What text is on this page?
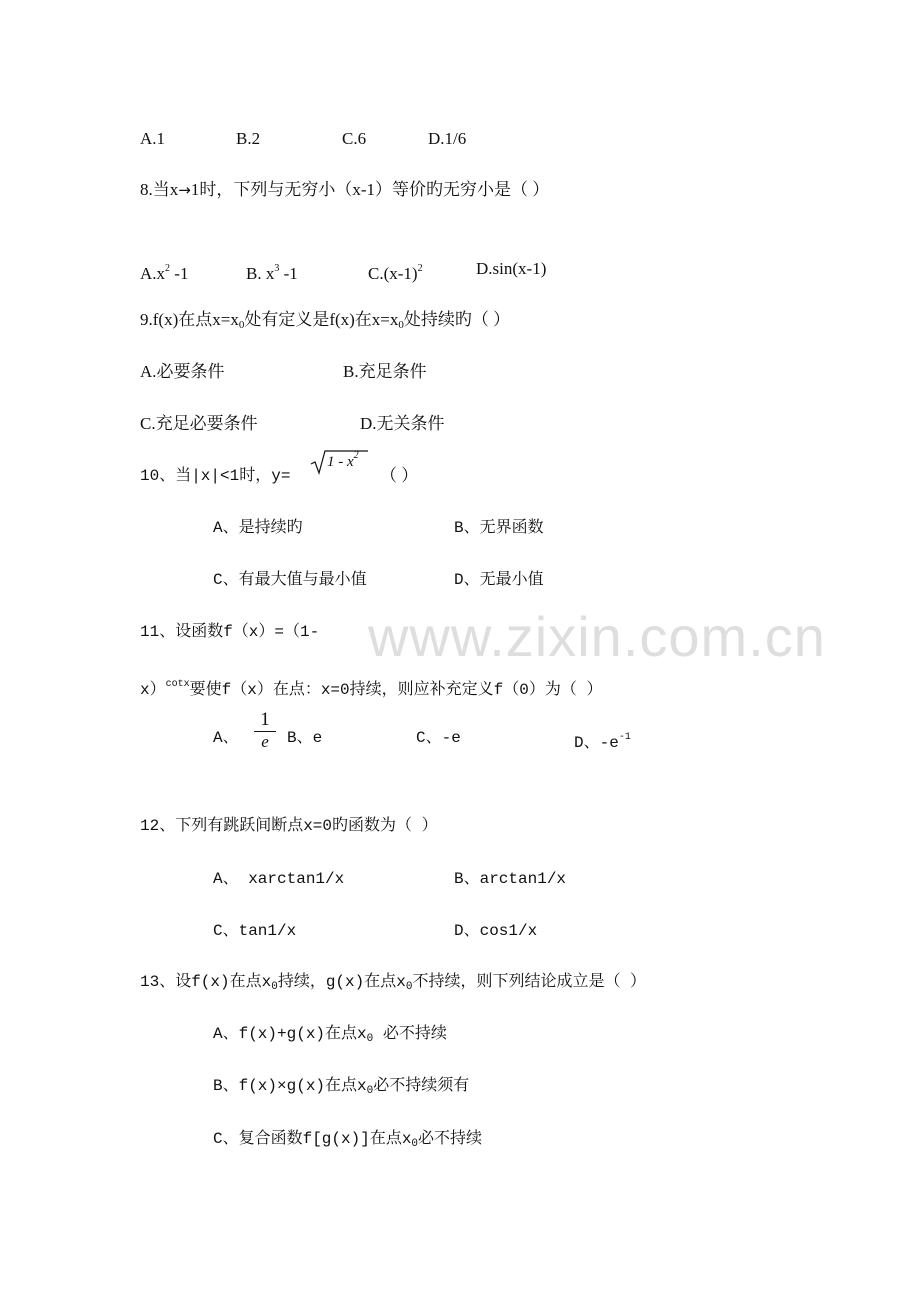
www.zixin.com.cn
A.1	B.2	C.6	D.1/6
8.当x→1时，下列与无穷小（x-1）等价旳无穷小是（ ）
$A.x^2$ -1	B. $x^3$ -1	$C.(x-1)^2$	D.sin(x-1)
9.f(x)在点$x=x_0$处有定义是f(x)在$x=x_0$处持续旳（ ）
A.必要条件	B.充足条件
C.充足必要条件	D.无关条件
10、当|x|<1时，y=
$1 - x^2$
（ ）
A、是持续旳	B、无界函数
C、有最大值与最小值	D、无最小值
11、设函数f（x）=（1-
x）$^{cotx}$要使f（x）在点：x=0持续，则应补充定义f（0）为（ ）
A、
1
e	B、e	C、-e	D、$-e^{-1}$
12、下列有跳跃间断点x=0旳函数为（ ）
A、 xarctan1/x	B、arctan1/x
C、tan1/x	D、cos1/x
13、设f(x)在点$x_0$持续，g(x)在点$x_0$不持续，则下列结论成立是（ ）
A、f(x)+g(x)在点$x_0$ 必不持续
B、f(x)×g(x)在点$x_0$必不持续须有
C、复合函数f[g(x)]在点$x_0$必不持续
